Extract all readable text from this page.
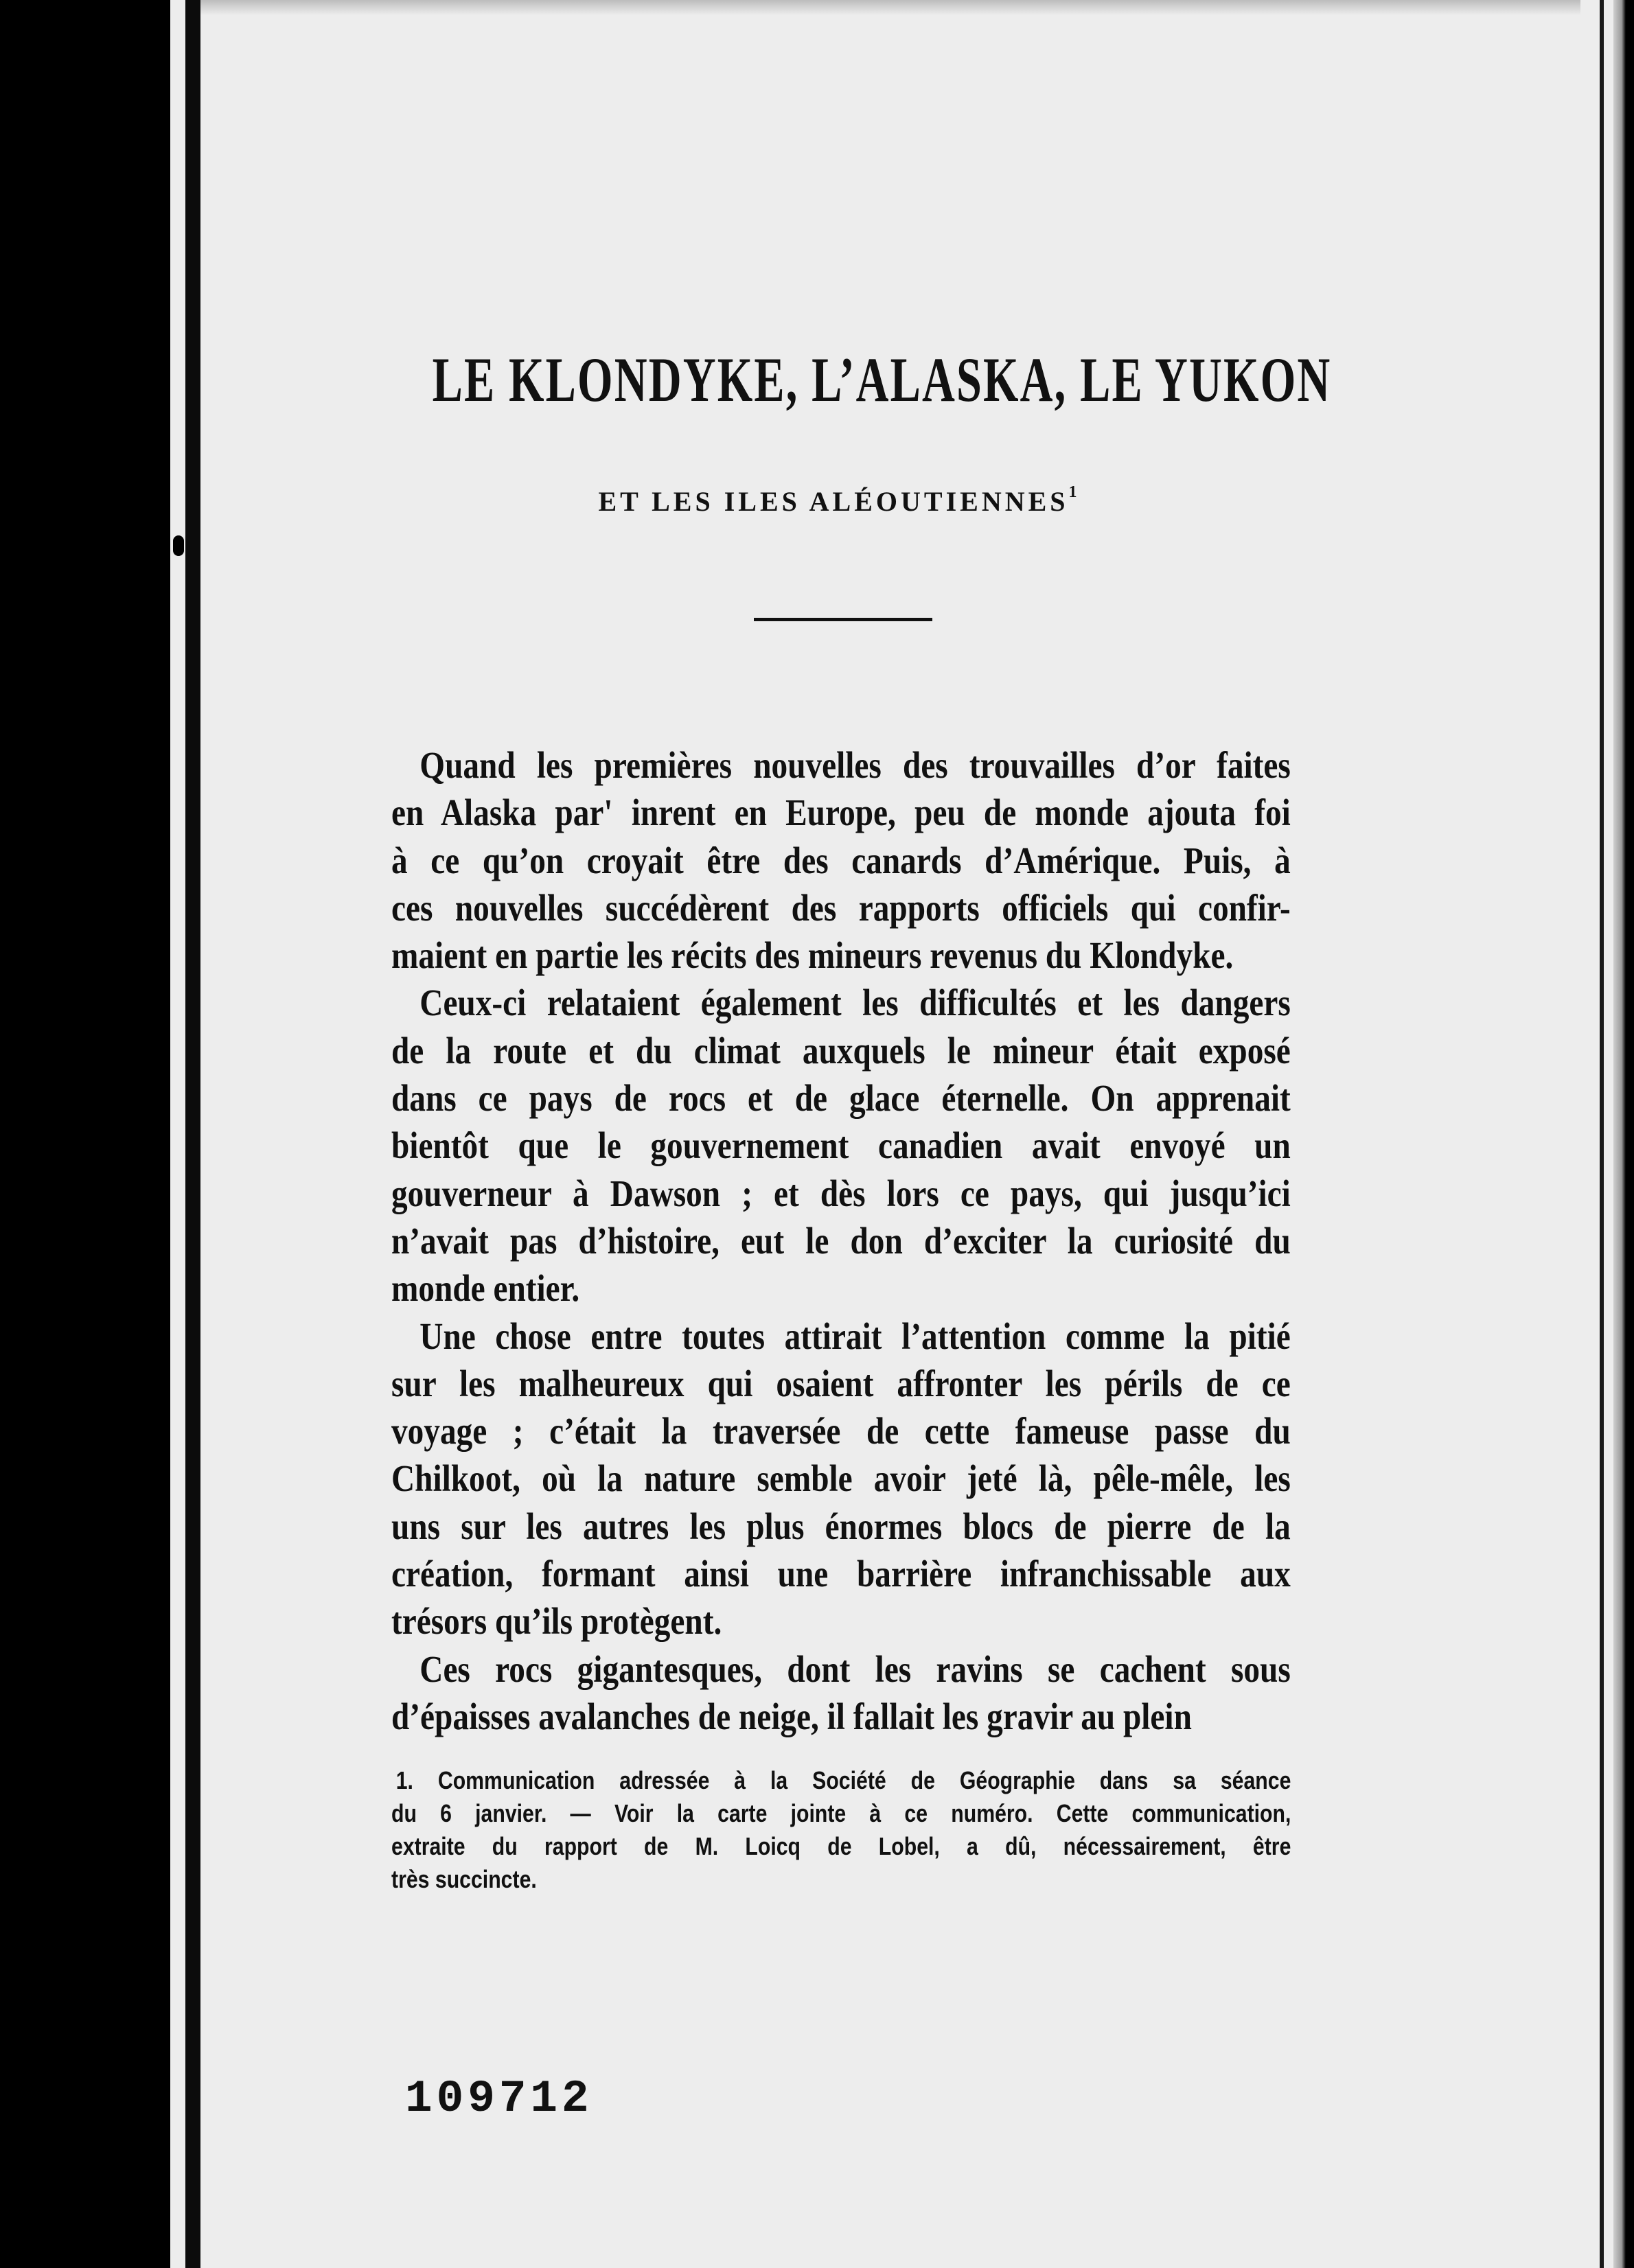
LE KLONDYKE, L’ALASKA, LE YUKON
ET LES ILES ALÉOUTIENNES$^1$
Quand les premières nouvelles des trouvailles d’or faites
en Alaska par' inrent en Europe, peu de monde ajouta foi
à ce qu’on croyait être des canards d’Amérique. Puis, à
ces nouvelles succédèrent des rapports officiels qui confir-
maient en partie les récits des mineurs revenus du Klondyke.
Ceux-ci relataient également les difficultés et les dangers
de la route et du climat auxquels le mineur était exposé
dans ce pays de rocs et de glace éternelle. On apprenait
bientôt que le gouvernement canadien avait envoyé un
gouverneur à Dawson ; et dès lors ce pays, qui jusqu’ici
n’avait pas d’histoire, eut le don d’exciter la curiosité du
monde entier.
Une chose entre toutes attirait l’attention comme la pitié
sur les malheureux qui osaient affronter les périls de ce
voyage ; c’était la traversée de cette fameuse passe du
Chilkoot, où la nature semble avoir jeté là, pêle-mêle, les
uns sur les autres les plus énormes blocs de pierre de la
création, formant ainsi une barrière infranchissable aux
trésors qu’ils protègent.
Ces rocs gigantesques, dont les ravins se cachent sous
d’épaisses avalanches de neige, il fallait les gravir au plein
1. Communication adressée à la Société de Géographie dans sa séance
du 6 janvier. — Voir la carte jointe à ce numéro. Cette communication,
extraite du rapport de M. Loicq de Lobel, a dû, nécessairement, être
très succincte.
109712
